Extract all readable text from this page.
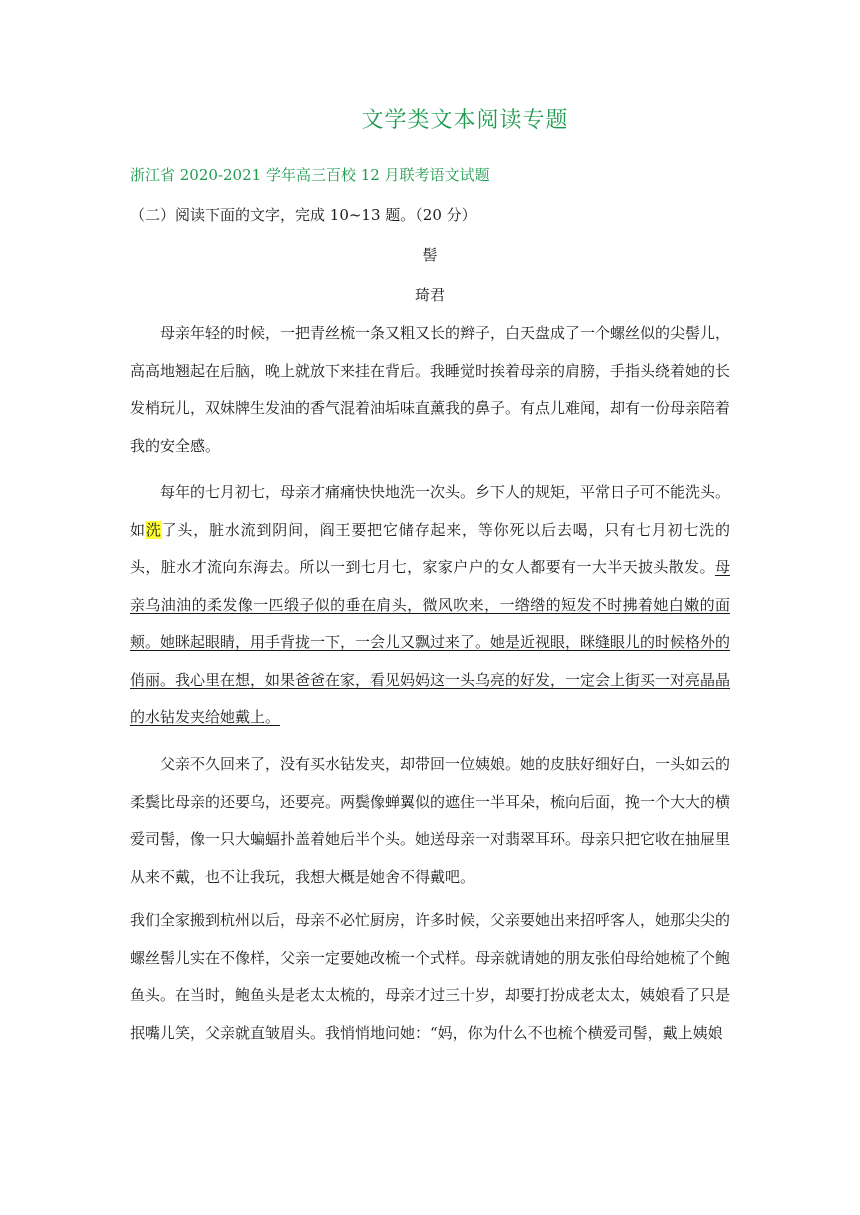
文学类文本阅读专题
浙江省 2020-2021 学年高三百校 12 月联考语文试题
（二）阅读下面的文字，完成 10~13 题。（20 分）
髻
琦君

母亲年轻的时候，一把青丝梳一条又粗又长的辫子，白天盘成了一个螺丝似的尖髻儿，高高地翘起在后脑，晚上就放下来挂在背后。我睡觉时挨着母亲的肩膀，手指头绕着她的长发梢玩儿，双妹牌生发油的香气混着油垢味直薰我的鼻子。有点儿难闻，却有一份母亲陪着我的安全感。

每年的七月初七，母亲才痛痛快快地洗一次头。乡下人的规矩，平常日子可不能洗头。如洗了头，脏水流到阴间，阎王要把它储存起来，等你死以后去喝，只有七月初七洗的头，脏水才流向东海去。所以一到七月七，家家户户的女人都要有一大半天披头散发。母亲乌油油的柔发像一匹缎子似的垂在肩头，微风吹来，一绺绺的短发不时拂着她白嫩的面颊。她眯起眼睛，用手背拢一下，一会儿又飘过来了。她是近视眼，眯缝眼儿的时候格外的俏丽。我心里在想，如果爸爸在家，看见妈妈这一头乌亮的好发，一定会上街买一对亮晶晶的水钻发夹给她戴上。

父亲不久回来了，没有买水钻发夹，却带回一位姨娘。她的皮肤好细好白，一头如云的柔鬓比母亲的还要乌，还要亮。两鬓像蝉翼似的遮住一半耳朵，梳向后面，挽一个大大的横爱司髻，像一只大蝙蝠扑盖着她后半个头。她送母亲一对翡翠耳环。母亲只把它收在抽屉里从来不戴，也不让我玩，我想大概是她舍不得戴吧。

我们全家搬到杭州以后，母亲不必忙厨房，许多时候，父亲要她出来招呼客人，她那尖尖的螺丝髻儿实在不像样，父亲一定要她改梳一个式样。母亲就请她的朋友张伯母给她梳了个鲍鱼头。在当时，鲍鱼头是老太太梳的，母亲才过三十岁，却要打扮成老太太，姨娘看了只是抿嘴儿笑，父亲就直皱眉头。我悄悄地问她：“妈，你为什么不也梳个横爱司髻，戴上姨娘
